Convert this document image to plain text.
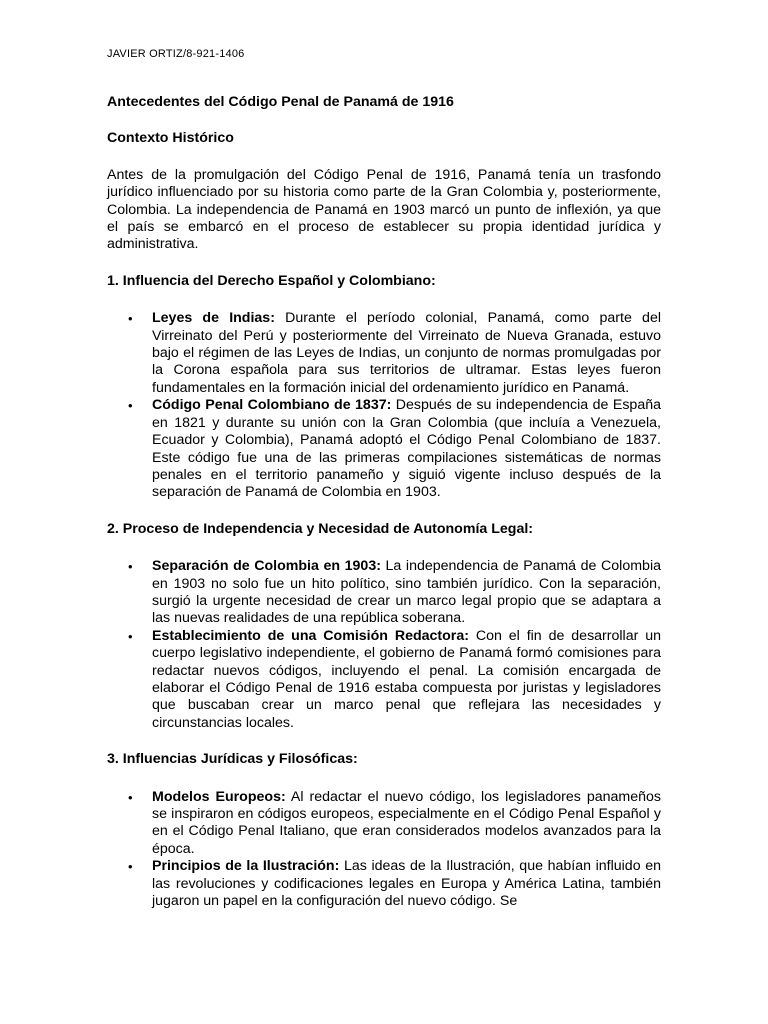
JAVIER ORTIZ/8-921-1406
Antecedentes del Código Penal de Panamá de 1916
Contexto Histórico

Antes de la promulgación del Código Penal de 1916, Panamá tenía un trasfondo jurídico influenciado por su historia como parte de la Gran Colombia y, posteriormente, Colombia. La independencia de Panamá en 1903 marcó un punto de inflexión, ya que el país se embarcó en el proceso de establecer su propia identidad jurídica y administrativa.

1. Influencia del Derecho Español y Colombiano:
• Leyes de Indias: Durante el período colonial, Panamá, como parte del Virreinato del Perú y posteriormente del Virreinato de Nueva Granada, estuvo bajo el régimen de las Leyes de Indias, un conjunto de normas promulgadas por la Corona española para sus territorios de ultramar. Estas leyes fueron fundamentales en la formación inicial del ordenamiento jurídico en Panamá.
• Código Penal Colombiano de 1837: Después de su independencia de España en 1821 y durante su unión con la Gran Colombia (que incluía a Venezuela, Ecuador y Colombia), Panamá adoptó el Código Penal Colombiano de 1837. Este código fue una de las primeras compilaciones sistemáticas de normas penales en el territorio panameño y siguió vigente incluso después de la separación de Panamá de Colombia en 1903.
2. Proceso de Independencia y Necesidad de Autonomía Legal:
• Separación de Colombia en 1903: La independencia de Panamá de Colombia en 1903 no solo fue un hito político, sino también jurídico. Con la separación, surgió la urgente necesidad de crear un marco legal propio que se adaptara a las nuevas realidades de una república soberana.
• Establecimiento de una Comisión Redactora: Con el fin de desarrollar un cuerpo legislativo independiente, el gobierno de Panamá formó comisiones para redactar nuevos códigos, incluyendo el penal. La comisión encargada de elaborar el Código Penal de 1916 estaba compuesta por juristas y legisladores que buscaban crear un marco penal que reflejara las necesidades y circunstancias locales.
3. Influencias Jurídicas y Filosóficas:
• Modelos Europeos: Al redactar el nuevo código, los legisladores panameños se inspiraron en códigos europeos, especialmente en el Código Penal Español y en el Código Penal Italiano, que eran considerados modelos avanzados para la época.
• Principios de la Ilustración: Las ideas de la Ilustración, que habían influido en las revoluciones y codificaciones legales en Europa y América Latina, también jugaron un papel en la configuración del nuevo código. Se
